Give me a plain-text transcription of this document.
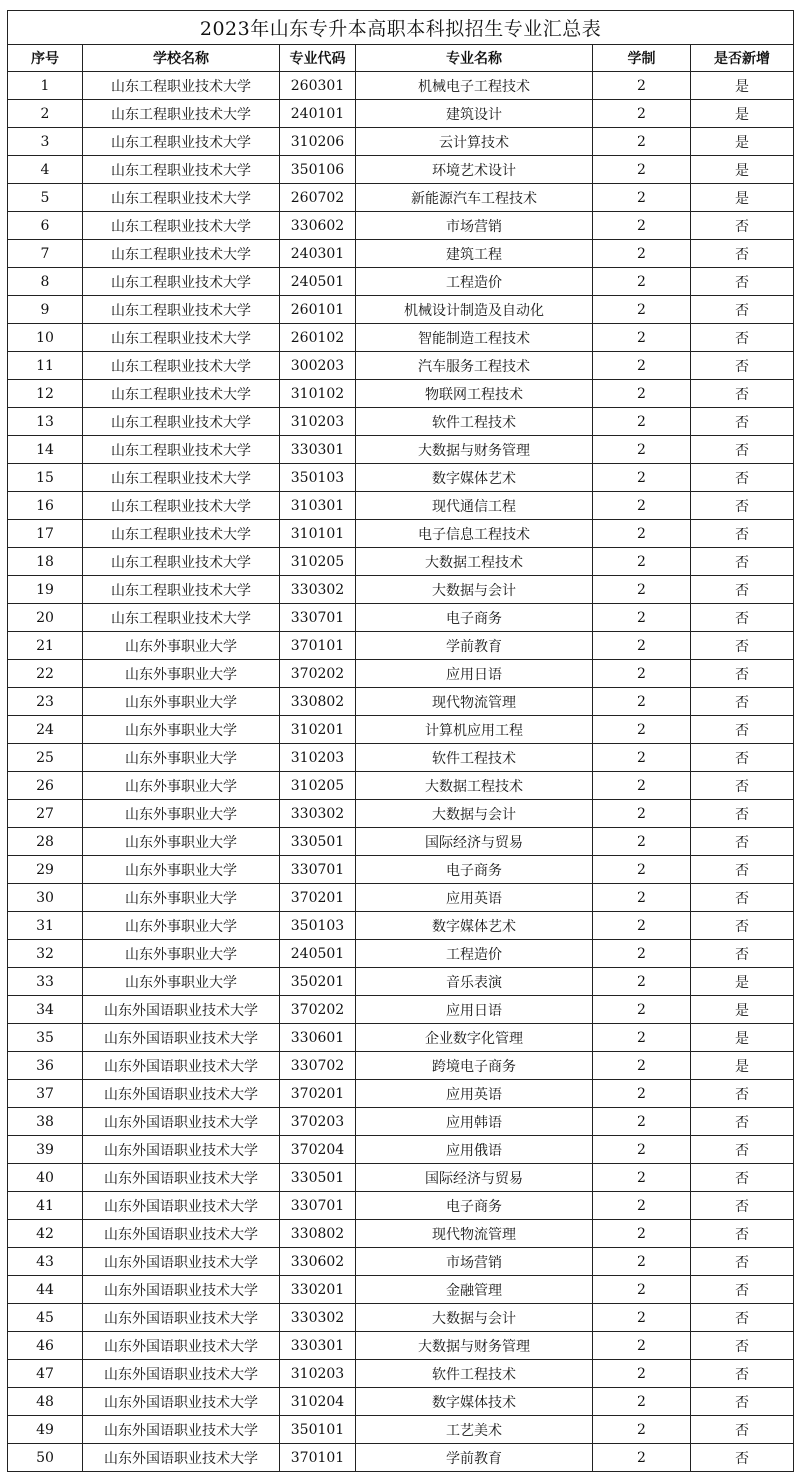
2023年山东专升本高职本科拟招生专业汇总表					
序号	学校名称	专业代码	专业名称	学制	是否新增
1	山东工程职业技术大学	260301	机械电子工程技术	2	是
2	山东工程职业技术大学	240101	建筑设计	2	是
3	山东工程职业技术大学	310206	云计算技术	2	是
4	山东工程职业技术大学	350106	环境艺术设计	2	是
5	山东工程职业技术大学	260702	新能源汽车工程技术	2	是
6	山东工程职业技术大学	330602	市场营销	2	否
7	山东工程职业技术大学	240301	建筑工程	2	否
8	山东工程职业技术大学	240501	工程造价	2	否
9	山东工程职业技术大学	260101	机械设计制造及自动化	2	否
10	山东工程职业技术大学	260102	智能制造工程技术	2	否
11	山东工程职业技术大学	300203	汽车服务工程技术	2	否
12	山东工程职业技术大学	310102	物联网工程技术	2	否
13	山东工程职业技术大学	310203	软件工程技术	2	否
14	山东工程职业技术大学	330301	大数据与财务管理	2	否
15	山东工程职业技术大学	350103	数字媒体艺术	2	否
16	山东工程职业技术大学	310301	现代通信工程	2	否
17	山东工程职业技术大学	310101	电子信息工程技术	2	否
18	山东工程职业技术大学	310205	大数据工程技术	2	否
19	山东工程职业技术大学	330302	大数据与会计	2	否
20	山东工程职业技术大学	330701	电子商务	2	否
21	山东外事职业大学	370101	学前教育	2	否
22	山东外事职业大学	370202	应用日语	2	否
23	山东外事职业大学	330802	现代物流管理	2	否
24	山东外事职业大学	310201	计算机应用工程	2	否
25	山东外事职业大学	310203	软件工程技术	2	否
26	山东外事职业大学	310205	大数据工程技术	2	否
27	山东外事职业大学	330302	大数据与会计	2	否
28	山东外事职业大学	330501	国际经济与贸易	2	否
29	山东外事职业大学	330701	电子商务	2	否
30	山东外事职业大学	370201	应用英语	2	否
31	山东外事职业大学	350103	数字媒体艺术	2	否
32	山东外事职业大学	240501	工程造价	2	否
33	山东外事职业大学	350201	音乐表演	2	是
34	山东外国语职业技术大学	370202	应用日语	2	是
35	山东外国语职业技术大学	330601	企业数字化管理	2	是
36	山东外国语职业技术大学	330702	跨境电子商务	2	是
37	山东外国语职业技术大学	370201	应用英语	2	否
38	山东外国语职业技术大学	370203	应用韩语	2	否
39	山东外国语职业技术大学	370204	应用俄语	2	否
40	山东外国语职业技术大学	330501	国际经济与贸易	2	否
41	山东外国语职业技术大学	330701	电子商务	2	否
42	山东外国语职业技术大学	330802	现代物流管理	2	否
43	山东外国语职业技术大学	330602	市场营销	2	否
44	山东外国语职业技术大学	330201	金融管理	2	否
45	山东外国语职业技术大学	330302	大数据与会计	2	否
46	山东外国语职业技术大学	330301	大数据与财务管理	2	否
47	山东外国语职业技术大学	310203	软件工程技术	2	否
48	山东外国语职业技术大学	310204	数字媒体技术	2	否
49	山东外国语职业技术大学	350101	工艺美术	2	否
50	山东外国语职业技术大学	370101	学前教育	2	否
